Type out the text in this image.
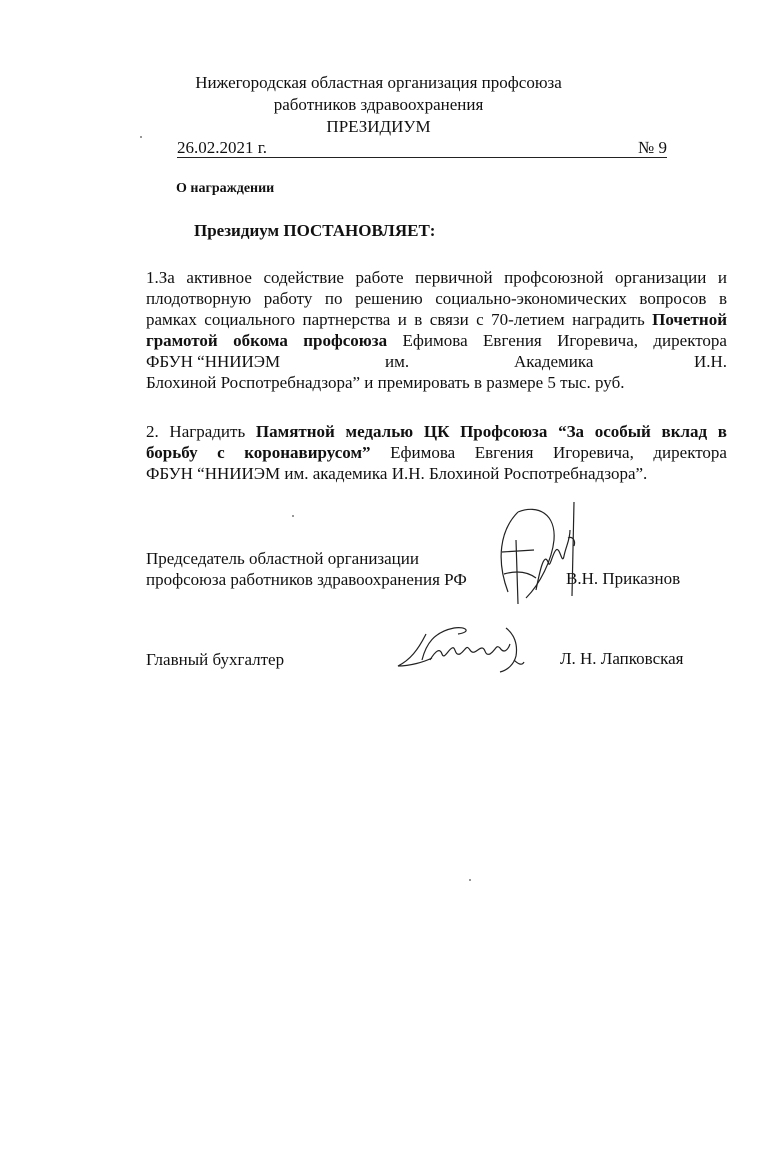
Нижегородская областная организация профсоюза
работников здравоохранения
ПРЕЗИДИУМ
26.02.2021 г.	№ 9
О награждении
Президиум ПОСТАНОВЛЯЕТ:
1.За активное содействие работе первичной профсоюзной организации и
плодотворную работу по решению социально-экономических вопросов в
рамках социального партнерства и в связи с 70-летием наградить Почетной
грамотой обкома профсоюза Ефимова Евгения Игоревича, директора
ФБУН “ННИИЭМ	им.	Академика	И.Н.
Блохиной Роспотребнадзора” и премировать в размере 5 тыс. руб.
2. Наградить Памятной медалью ЦК Профсоюза “За особый вклад в
борьбу с коронавирусом” Ефимова Евгения Игоревича, директора
ФБУН “ННИИЭМ им. академика И.Н. Блохиной Роспотребнадзора”.
Председатель областной организации
профсоюза работников здравоохранения РФ	В.Н. Приказнов
Главный бухгалтер	Л. Н. Лапковская
